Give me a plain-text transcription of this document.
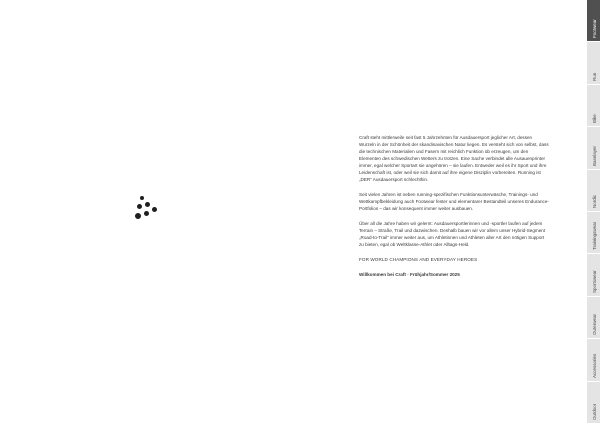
Craft steht mittlerweile seit fast 5 Jahrzehnten für Ausdauersport jeglicher Art, dessen Wurzeln in der Schönheit der skandinavischen Natur liegen. Es versteht sich von selbst, dass die technischen Materialien und Fasern mit reichlich Funktion üb erzeugen, um den Elementen des schwedischen Wetters zu trotzen. Eine Sache verbindet alle Ausauenprinter immer, egal welcher Sportart sie angehören – sie laufen. Entweder weil es ihr Sport und ihre Leidenschaft ist, oder weil sie sich damit auf ihre eigene Disziplin vorbereiten. Running ist „DER“ Ausdauersport schlechthin.

Seit vielen Jahren ist neben running-spezifischen Funktionsunterwäsche, Trainings- und Wettkampfbekleidung auch Footwear fester und elementarer Bestandteil unseres Endurance-Portfolios – das wir konsequent immer weiter ausbauen.

Über all die Jahre haben wir gelernt: Ausdauersportlerinnen und -sportler laufen auf jedem Terrain – Straße, Trail und dazwischen. Deshalb bauen wir vor allem unser Hybrid-Segment „Road-to-Trail“ immer weiter aus, um Athletinnen und Athleten aller Art den nötigen Support zu bieten, egal ob Weltklasse-Athlet oder Alltags-Held.

FOR WORLD CHAMPIONS AND EVERYDAY HEROES

Willkommen bei Craft · Frühjahr/Sommer 2025

Footwear
Run
Bike
Baselayer
Nordic
Trainingswear
Sportswear
Outerwear
Accessories
Outdoor
